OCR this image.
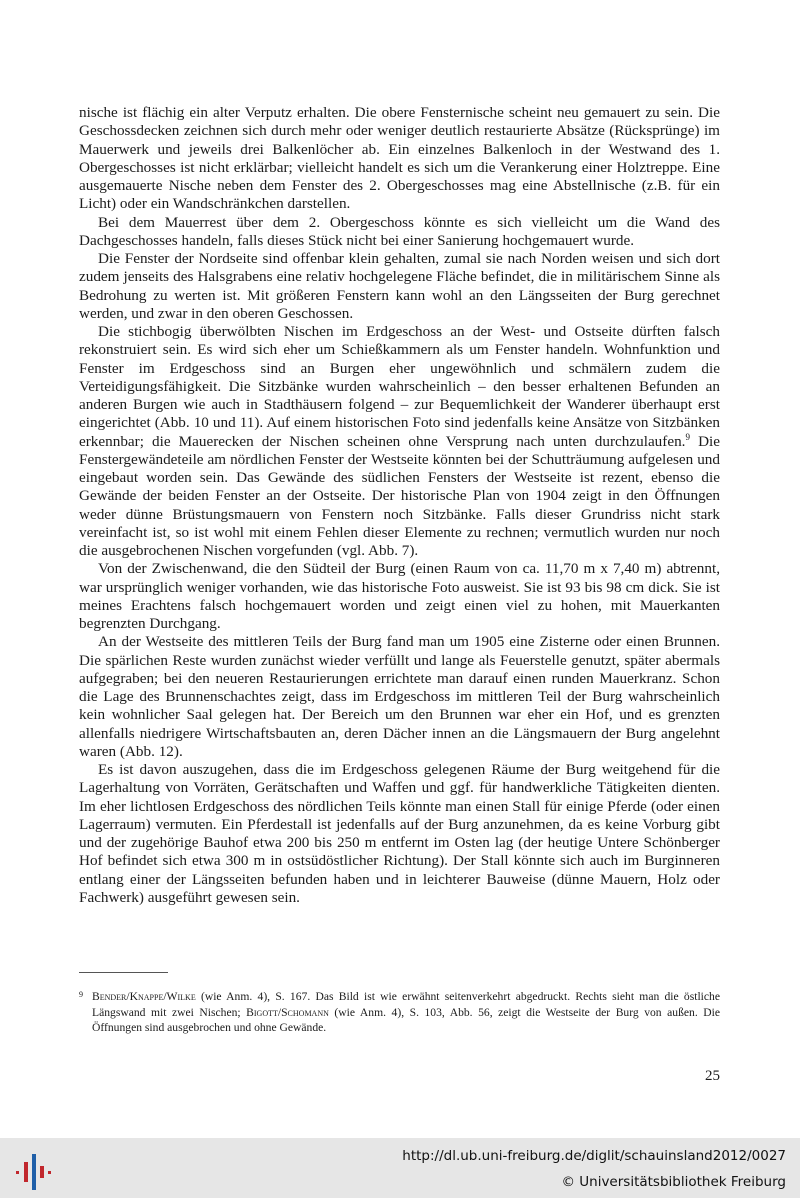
nische ist flächig ein alter Verputz erhalten. Die obere Fensternische scheint neu gemauert zu sein. Die Geschossdecken zeichnen sich durch mehr oder weniger deutlich restaurierte Absätze (Rücksprünge) im Mauerwerk und jeweils drei Balkenlöcher ab. Ein einzelnes Balkenloch in der Westwand des 1. Obergeschosses ist nicht erklärbar; vielleicht handelt es sich um die Verankerung einer Holztreppe. Eine ausgemauerte Nische neben dem Fenster des 2. Obergeschosses mag eine Abstellnische (z.B. für ein Licht) oder ein Wandschränkchen darstellen.

Bei dem Mauerrest über dem 2. Obergeschoss könnte es sich vielleicht um die Wand des Dachgeschosses handeln, falls dieses Stück nicht bei einer Sanierung hochgemauert wurde.

Die Fenster der Nordseite sind offenbar klein gehalten, zumal sie nach Norden weisen und sich dort zudem jenseits des Halsgrabens eine relativ hochgelegene Fläche befindet, die in militärischem Sinne als Bedrohung zu werten ist. Mit größeren Fenstern kann wohl an den Längsseiten der Burg gerechnet werden, und zwar in den oberen Geschossen.

Die stichbogig überwölbten Nischen im Erdgeschoss an der West- und Ostseite dürften falsch rekonstruiert sein. Es wird sich eher um Schießkammern als um Fenster handeln. Wohnfunktion und Fenster im Erdgeschoss sind an Burgen eher ungewöhnlich und schmälern zudem die Verteidigungsfähigkeit. Die Sitzbänke wurden wahrscheinlich – den besser erhaltenen Befunden an anderen Burgen wie auch in Stadthäusern folgend – zur Bequemlichkeit der Wanderer überhaupt erst eingerichtet (Abb. 10 und 11). Auf einem historischen Foto sind jedenfalls keine Ansätze von Sitzbänken erkennbar; die Mauerecken der Nischen scheinen ohne Versprung nach unten durchzulaufen.$^9$ Die Fenstergewändeteile am nördlichen Fenster der Westseite könnten bei der Schutträumung aufgelesen und eingebaut worden sein. Das Gewände des südlichen Fensters der Westseite ist rezent, ebenso die Gewände der beiden Fenster an der Ostseite. Der historische Plan von 1904 zeigt in den Öffnungen weder dünne Brüstungsmauern von Fenstern noch Sitzbänke. Falls dieser Grundriss nicht stark vereinfacht ist, so ist wohl mit einem Fehlen dieser Elemente zu rechnen; vermutlich wurden nur noch die ausgebrochenen Nischen vorgefunden (vgl. Abb. 7).

Von der Zwischenwand, die den Südteil der Burg (einen Raum von ca. 11,70 m x 7,40 m) abtrennt, war ursprünglich weniger vorhanden, wie das historische Foto ausweist. Sie ist 93 bis 98 cm dick. Sie ist meines Erachtens falsch hochgemauert worden und zeigt einen viel zu hohen, mit Mauerkanten begrenzten Durchgang.

An der Westseite des mittleren Teils der Burg fand man um 1905 eine Zisterne oder einen Brunnen. Die spärlichen Reste wurden zunächst wieder verfüllt und lange als Feuerstelle genutzt, später abermals aufgegraben; bei den neueren Restaurierungen errichtete man darauf einen runden Mauerkranz. Schon die Lage des Brunnenschachtes zeigt, dass im Erdgeschoss im mittleren Teil der Burg wahrscheinlich kein wohnlicher Saal gelegen hat. Der Bereich um den Brunnen war eher ein Hof, und es grenzten allenfalls niedrigere Wirtschaftsbauten an, deren Dächer innen an die Längsmauern der Burg angelehnt waren (Abb. 12).

Es ist davon auszugehen, dass die im Erdgeschoss gelegenen Räume der Burg weitgehend für die Lagerhaltung von Vorräten, Gerätschaften und Waffen und ggf. für handwerkliche Tätigkeiten dienten. Im eher lichtlosen Erdgeschoss des nördlichen Teils könnte man einen Stall für einige Pferde (oder einen Lagerraum) vermuten. Ein Pferdestall ist jedenfalls auf der Burg anzunehmen, da es keine Vorburg gibt und der zugehörige Bauhof etwa 200 bis 250 m entfernt im Osten lag (der heutige Untere Schönberger Hof befindet sich etwa 300 m in ostsüdöstlicher Richtung). Der Stall könnte sich auch im Burginneren entlang einer der Längsseiten befunden haben und in leichterer Bauweise (dünne Mauern, Holz oder Fachwerk) ausgeführt gewesen sein.

9 Bender/Knappe/Wilke (wie Anm. 4), S. 167. Das Bild ist wie erwähnt seitenverkehrt abgedruckt. Rechts sieht man die östliche Längswand mit zwei Nischen; Bigott/Schomann (wie Anm. 4), S. 103, Abb. 56, zeigt die Westseite der Burg von außen. Die Öffnungen sind ausgebrochen und ohne Gewände.
25
http://dl.ub.uni-freiburg.de/diglit/schauinsland2012/0027
© Universitätsbibliothek Freiburg
